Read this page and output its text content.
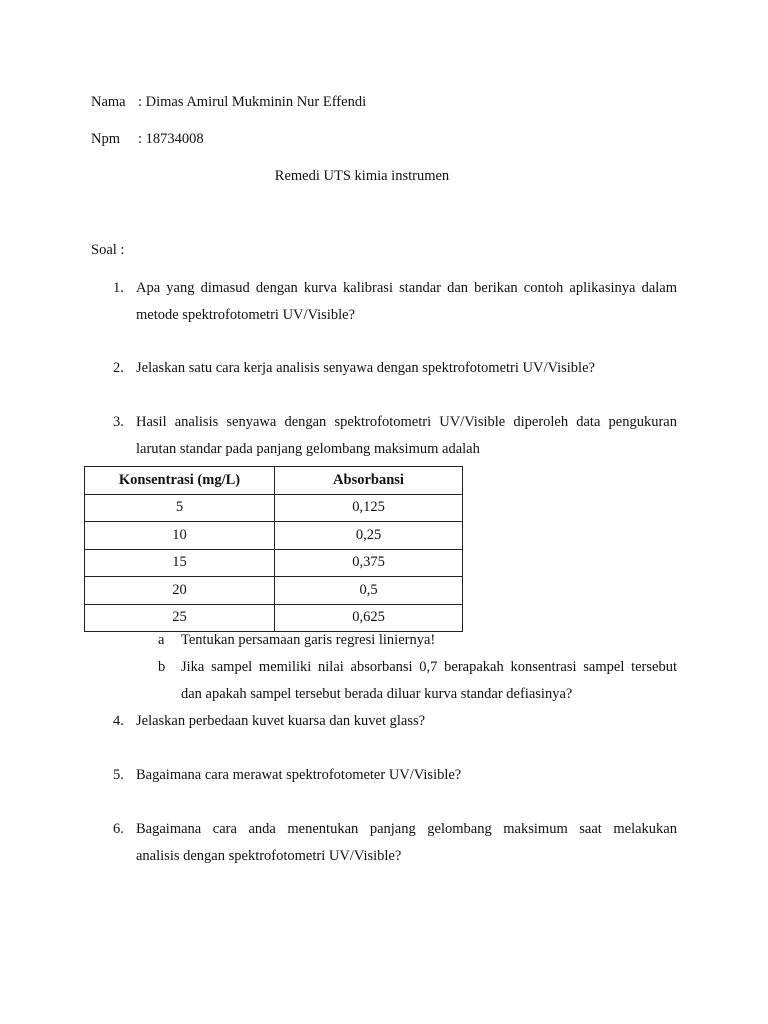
Nama : Dimas Amirul Mukminin Nur Effendi
Npm : 18734008
Remedi UTS kimia instrumen
Soal :
1. Apa yang dimasud dengan kurva kalibrasi standar dan berikan contoh aplikasinya dalam
metode spektrofotometri UV/Visible?
2. Jelaskan satu cara kerja analisis senyawa dengan spektrofotometri UV/Visible?
3. Hasil analisis senyawa dengan spektrofotometri UV/Visible diperoleh data pengukuran
larutan standar pada panjang gelombang maksimum adalah
Konsentrasi (mg/L)	Absorbansi
5	0,125
10	0,25
15	0,375
20	0,5
25	0,625
a Tentukan persamaan garis regresi liniernya!
b Jika sampel memiliki nilai absorbansi 0,7 berapakah konsentrasi sampel tersebut
dan apakah sampel tersebut berada diluar kurva standar defiasinya?
4. Jelaskan perbedaan kuvet kuarsa dan kuvet glass?
5. Bagaimana cara merawat spektrofotometer UV/Visible?
6. Bagaimana cara anda menentukan panjang gelombang maksimum saat melakukan
analisis dengan spektrofotometri UV/Visible?
